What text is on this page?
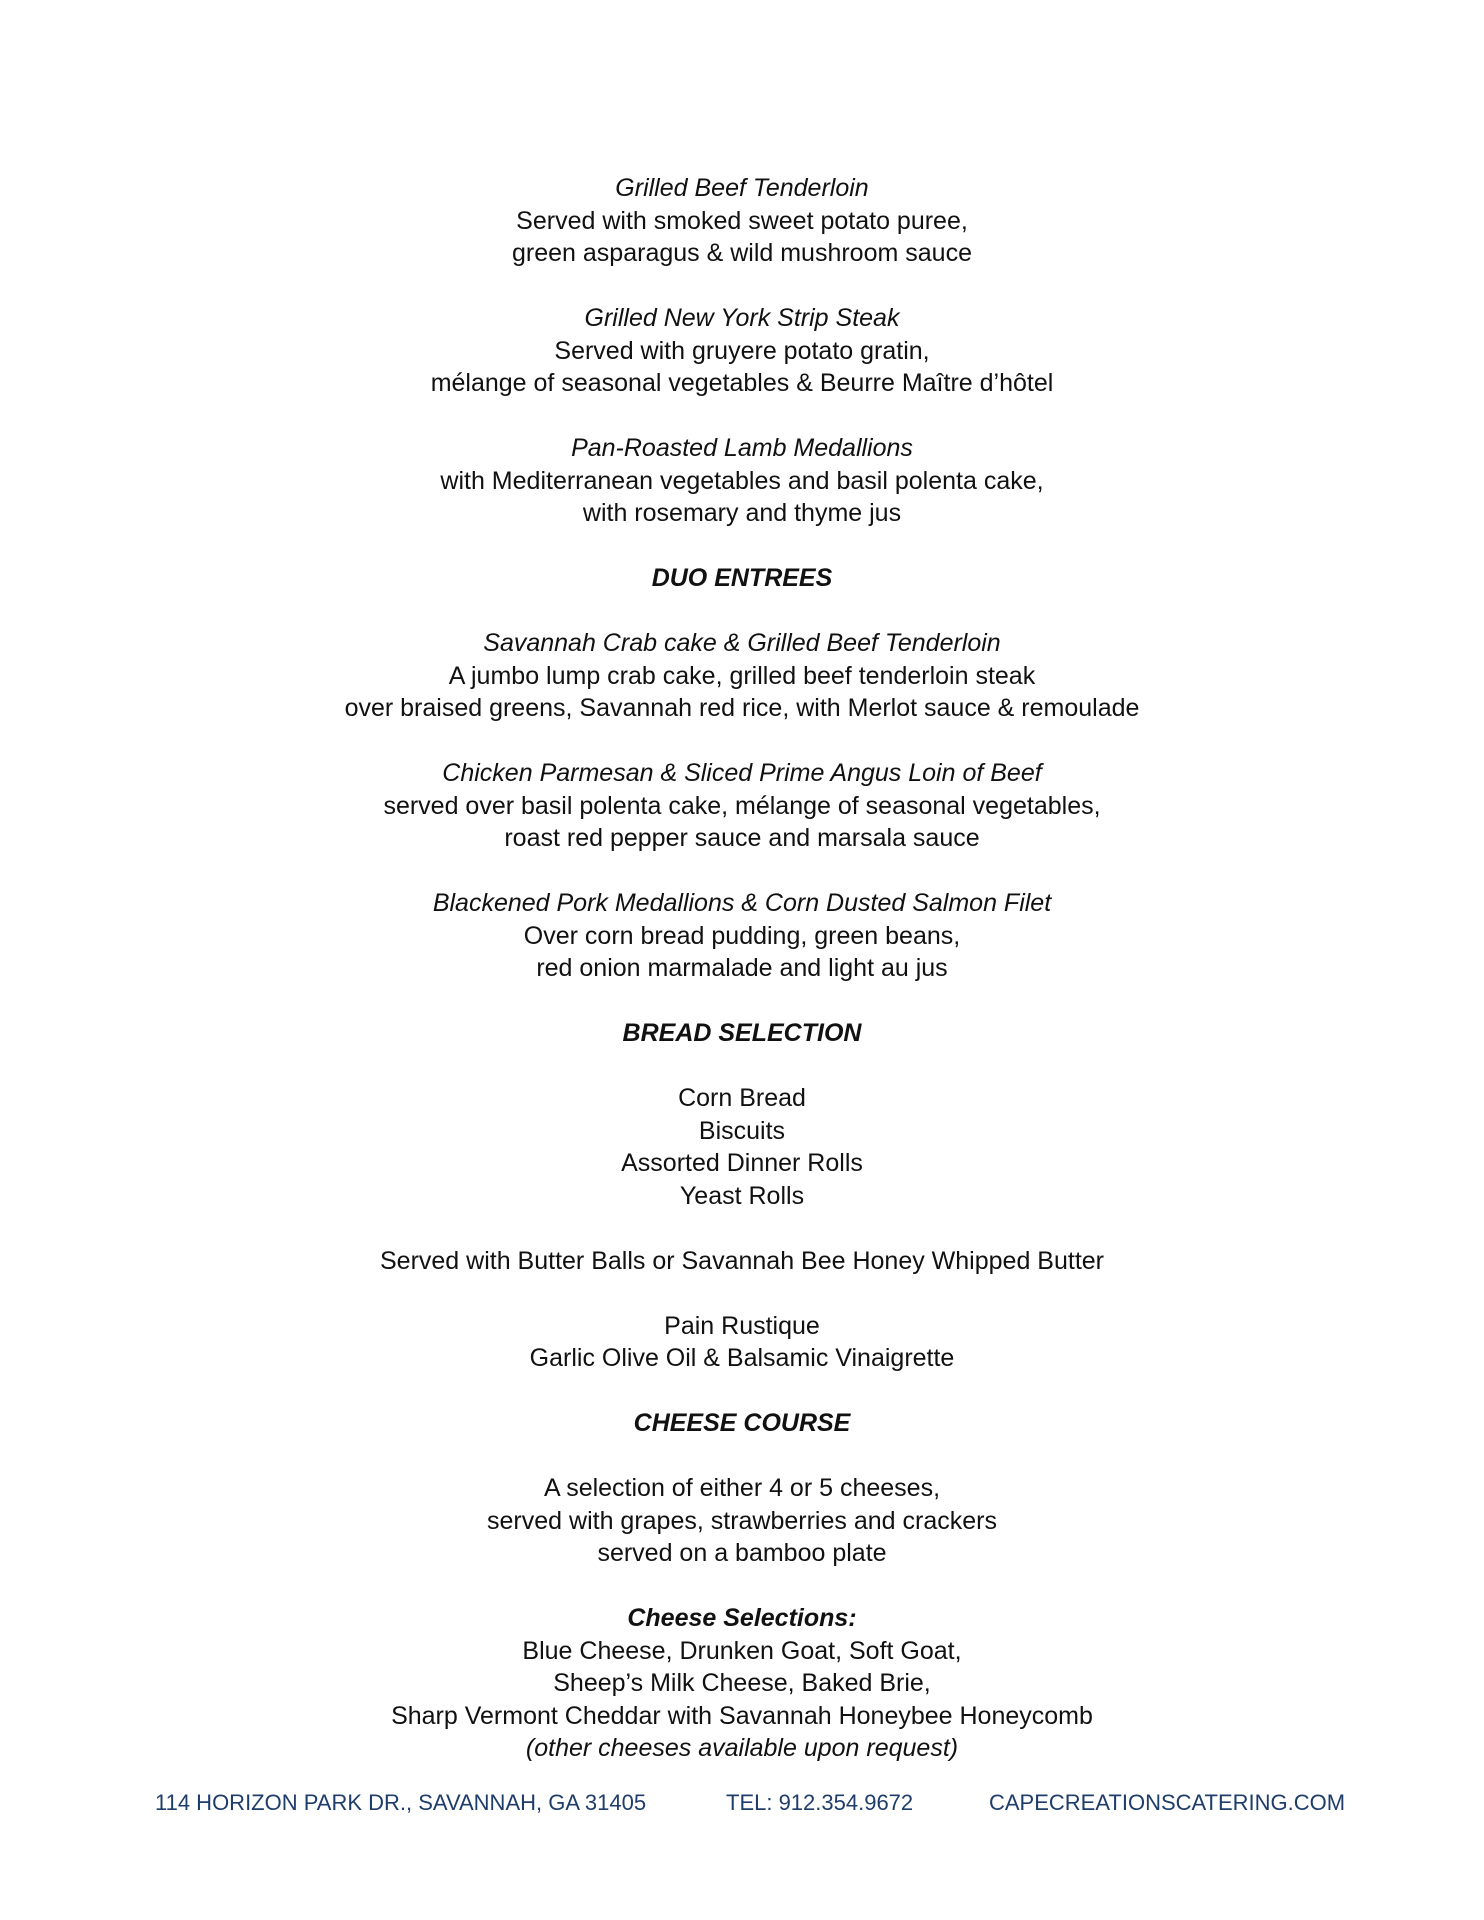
Grilled Beef Tenderloin
Served with smoked sweet potato puree,
green asparagus & wild mushroom sauce
Grilled New York Strip Steak
Served with gruyere potato gratin,
mélange of seasonal vegetables & Beurre Maître d’hôtel
Pan-Roasted Lamb Medallions
with Mediterranean vegetables and basil polenta cake,
with rosemary and thyme jus
DUO ENTREES
Savannah Crab cake & Grilled Beef Tenderloin
A jumbo lump crab cake, grilled beef tenderloin steak
over braised greens, Savannah red rice, with Merlot sauce & remoulade
Chicken Parmesan & Sliced Prime Angus Loin of Beef
served over basil polenta cake, mélange of seasonal vegetables,
roast red pepper sauce and marsala sauce
Blackened Pork Medallions & Corn Dusted Salmon Filet
Over corn bread pudding, green beans,
red onion marmalade and light au jus
BREAD SELECTION
Corn Bread
Biscuits
Assorted Dinner Rolls
Yeast Rolls
Served with Butter Balls or Savannah Bee Honey Whipped Butter
Pain Rustique
Garlic Olive Oil & Balsamic Vinaigrette
CHEESE COURSE
A selection of either 4 or 5 cheeses,
served with grapes, strawberries and crackers
served on a bamboo plate
Cheese Selections:
Blue Cheese, Drunken Goat, Soft Goat,
Sheep’s Milk Cheese, Baked Brie,
Sharp Vermont Cheddar with Savannah Honeybee Honeycomb
(other cheeses available upon request)
114 HORIZON PARK DR., SAVANNAH, GA 31405	TEL: 912.354.9672	CAPECREATIONSCATERING.COM
